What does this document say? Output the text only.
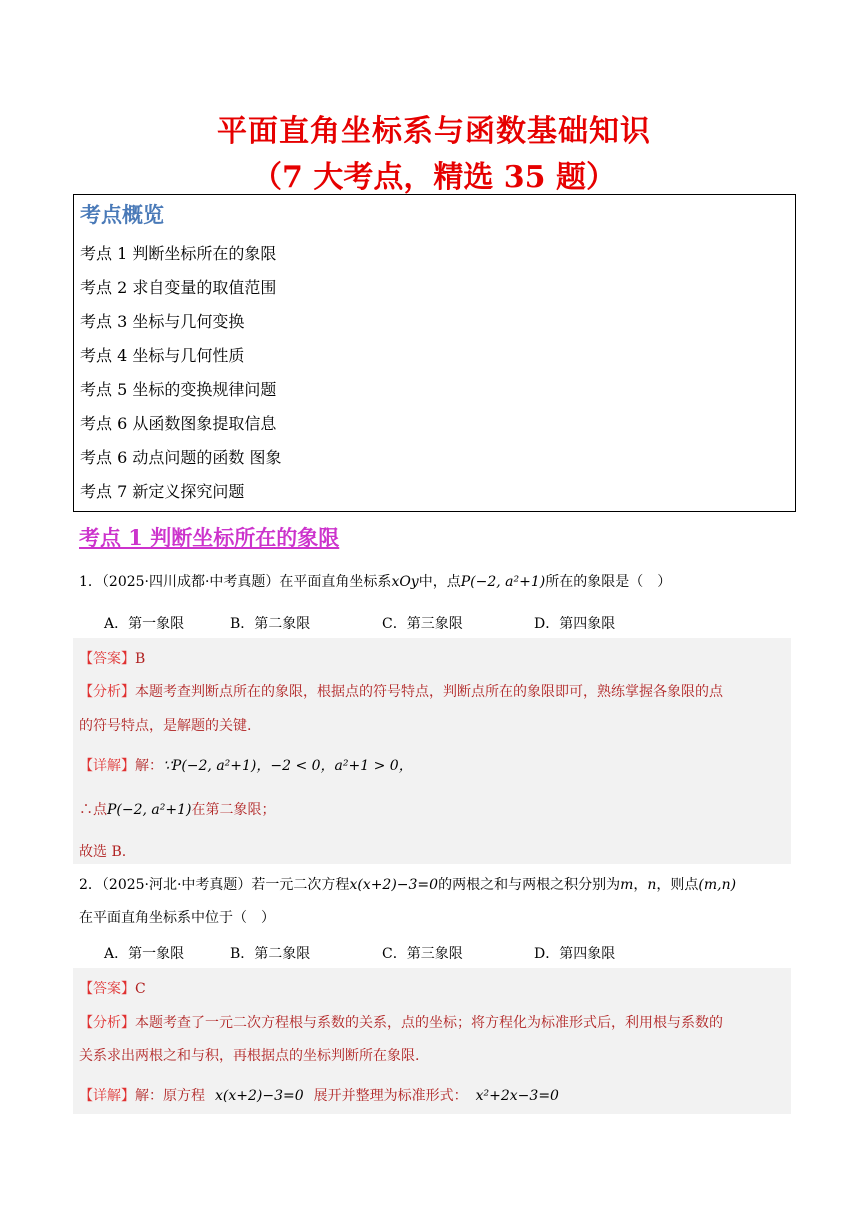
平面直角坐标系与函数基础知识
（7 大考点，精选 35 题）
考点概览
考点 1 判断坐标所在的象限
考点 2 求自变量的取值范围
考点 3 坐标与几何变换
考点 4 坐标与几何性质
考点 5 坐标的变换规律问题
考点 6 从函数图象提取信息
考点 6 动点问题的函数 图象
考点 7 新定义探究问题
考点 1 判断坐标所在的象限
1．（2025·四川成都·中考真题）在平面直角坐标系xOy中，点P(−2, a²+1)所在的象限是（　）
A．第一象限	B．第二象限	C．第三象限	D．第四象限
【答案】B
【分析】本题考查判断点所在的象限，根据点的符号特点，判断点所在的象限即可，熟练掌握各象限的点
的符号特点，是解题的关键.
【详解】解：∵P(−2, a²+1)，−2 < 0，a²+1 > 0，
∴点P(−2, a²+1)在第二象限；
故选 B.
2．（2025·河北·中考真题）若一元二次方程x(x+2)−3=0的两根之和与两根之积分别为m，n，则点(m,n)
在平面直角坐标系中位于（　）
A．第一象限	B．第二象限	C．第三象限	D．第四象限
【答案】C
【分析】本题考查了一元二次方程根与系数的关系，点的坐标；将方程化为标准形式后，利用根与系数的
关系求出两根之和与积，再根据点的坐标判断所在象限.
【详解】解：原方程 x(x+2)−3=0 展开并整理为标准形式： x²+2x−3=0
